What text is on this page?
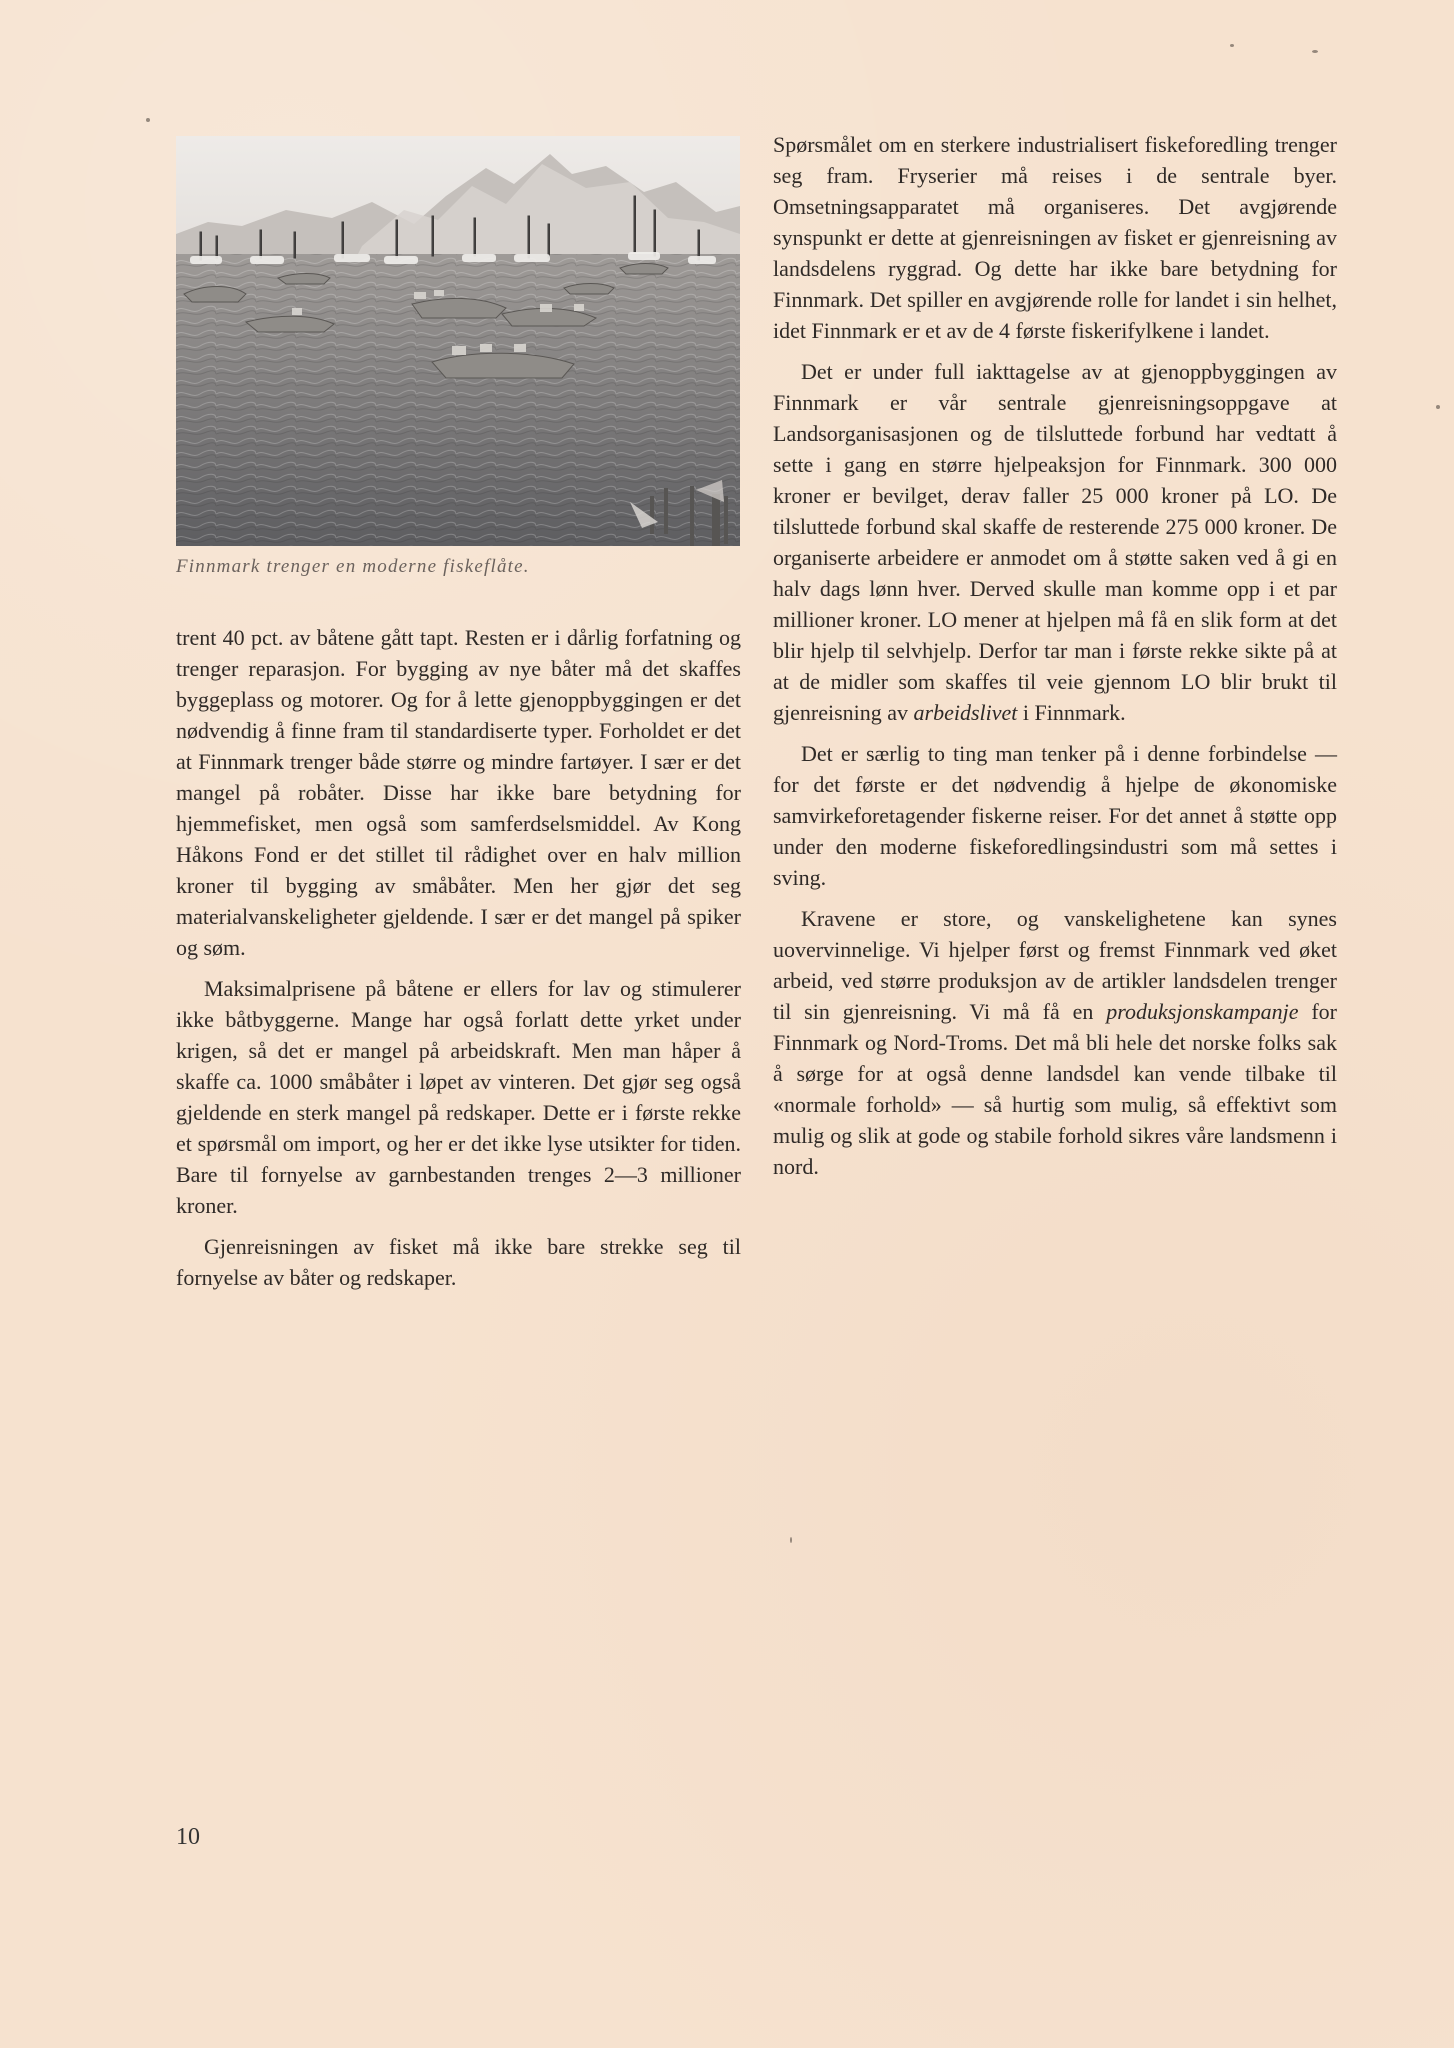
Finnmark trenger en moderne fiskeflåte.

trent 40 pct. av båtene gått tapt. Resten er i dårlig forfatning og trenger reparasjon. For bygging av nye båter må det skaffes byggeplass og motorer. Og for å lette gjenoppbyggingen er det nødvendig å finne fram til standardiserte typer. Forholdet er det at Finnmark trenger både større og mindre fartøyer. I sær er det mangel på robåter. Disse har ikke bare betydning for hjemmefisket, men også som samferdselsmiddel. Av Kong Håkons Fond er det stillet til rådighet over en halv million kroner til bygging av småbåter. Men her gjør det seg materialvanskeligheter gjeldende. I sær er det mangel på spiker og søm.

Maksimalprisene på båtene er ellers for lav og stimulerer ikke båtbyggerne. Mange har også forlatt dette yrket under krigen, så det er mangel på arbeidskraft. Men man håper å skaffe ca. 1000 småbåter i løpet av vinteren. Det gjør seg også gjeldende en sterk mangel på redskaper. Dette er i første rekke et spørsmål om import, og her er det ikke lyse utsikter for tiden. Bare til fornyelse av garnbestanden trenges 2—3 millioner kroner.

Gjenreisningen av fisket må ikke bare strekke seg til fornyelse av båter og redskaper.

Spørsmålet om en sterkere industrialisert fiskeforedling trenger seg fram. Fryserier må reises i de sentrale byer. Omsetningsapparatet må organiseres. Det avgjørende synspunkt er dette at gjenreisningen av fisket er gjenreisning av landsdelens ryggrad. Og dette har ikke bare betydning for Finnmark. Det spiller en avgjørende rolle for landet i sin helhet, idet Finnmark er et av de 4 første fiskerifylkene i landet.

Det er under full iakttagelse av at gjenoppbyggingen av Finnmark er vår sentrale gjenreisningsoppgave at Landsorganisasjonen og de tilsluttede forbund har vedtatt å sette i gang en større hjelpeaksjon for Finnmark. 300 000 kroner er bevilget, derav faller 25 000 kroner på LO. De tilsluttede forbund skal skaffe de resterende 275 000 kroner. De organiserte arbeidere er anmodet om å støtte saken ved å gi en halv dags lønn hver. Derved skulle man komme opp i et par millioner kroner. LO mener at hjelpen må få en slik form at det blir hjelp til selvhjelp. Derfor tar man i første rekke sikte på at at de midler som skaffes til veie gjennom LO blir brukt til gjenreisning av arbeidslivet i Finnmark.

Det er særlig to ting man tenker på i denne forbindelse — for det første er det nødvendig å hjelpe de økonomiske samvirkeforetagender fiskerne reiser. For det annet å støtte opp under den moderne fiskeforedlingsindustri som må settes i sving.

Kravene er store, og vanskelighetene kan synes uovervinnelige. Vi hjelper først og fremst Finnmark ved øket arbeid, ved større produksjon av de artikler landsdelen trenger til sin gjenreisning. Vi må få en produksjonskampanje for Finnmark og Nord-Troms. Det må bli hele det norske folks sak å sørge for at også denne landsdel kan vende tilbake til «normale forhold» — så hurtig som mulig, så effektivt som mulig og slik at gode og stabile forhold sikres våre landsmenn i nord.

10
